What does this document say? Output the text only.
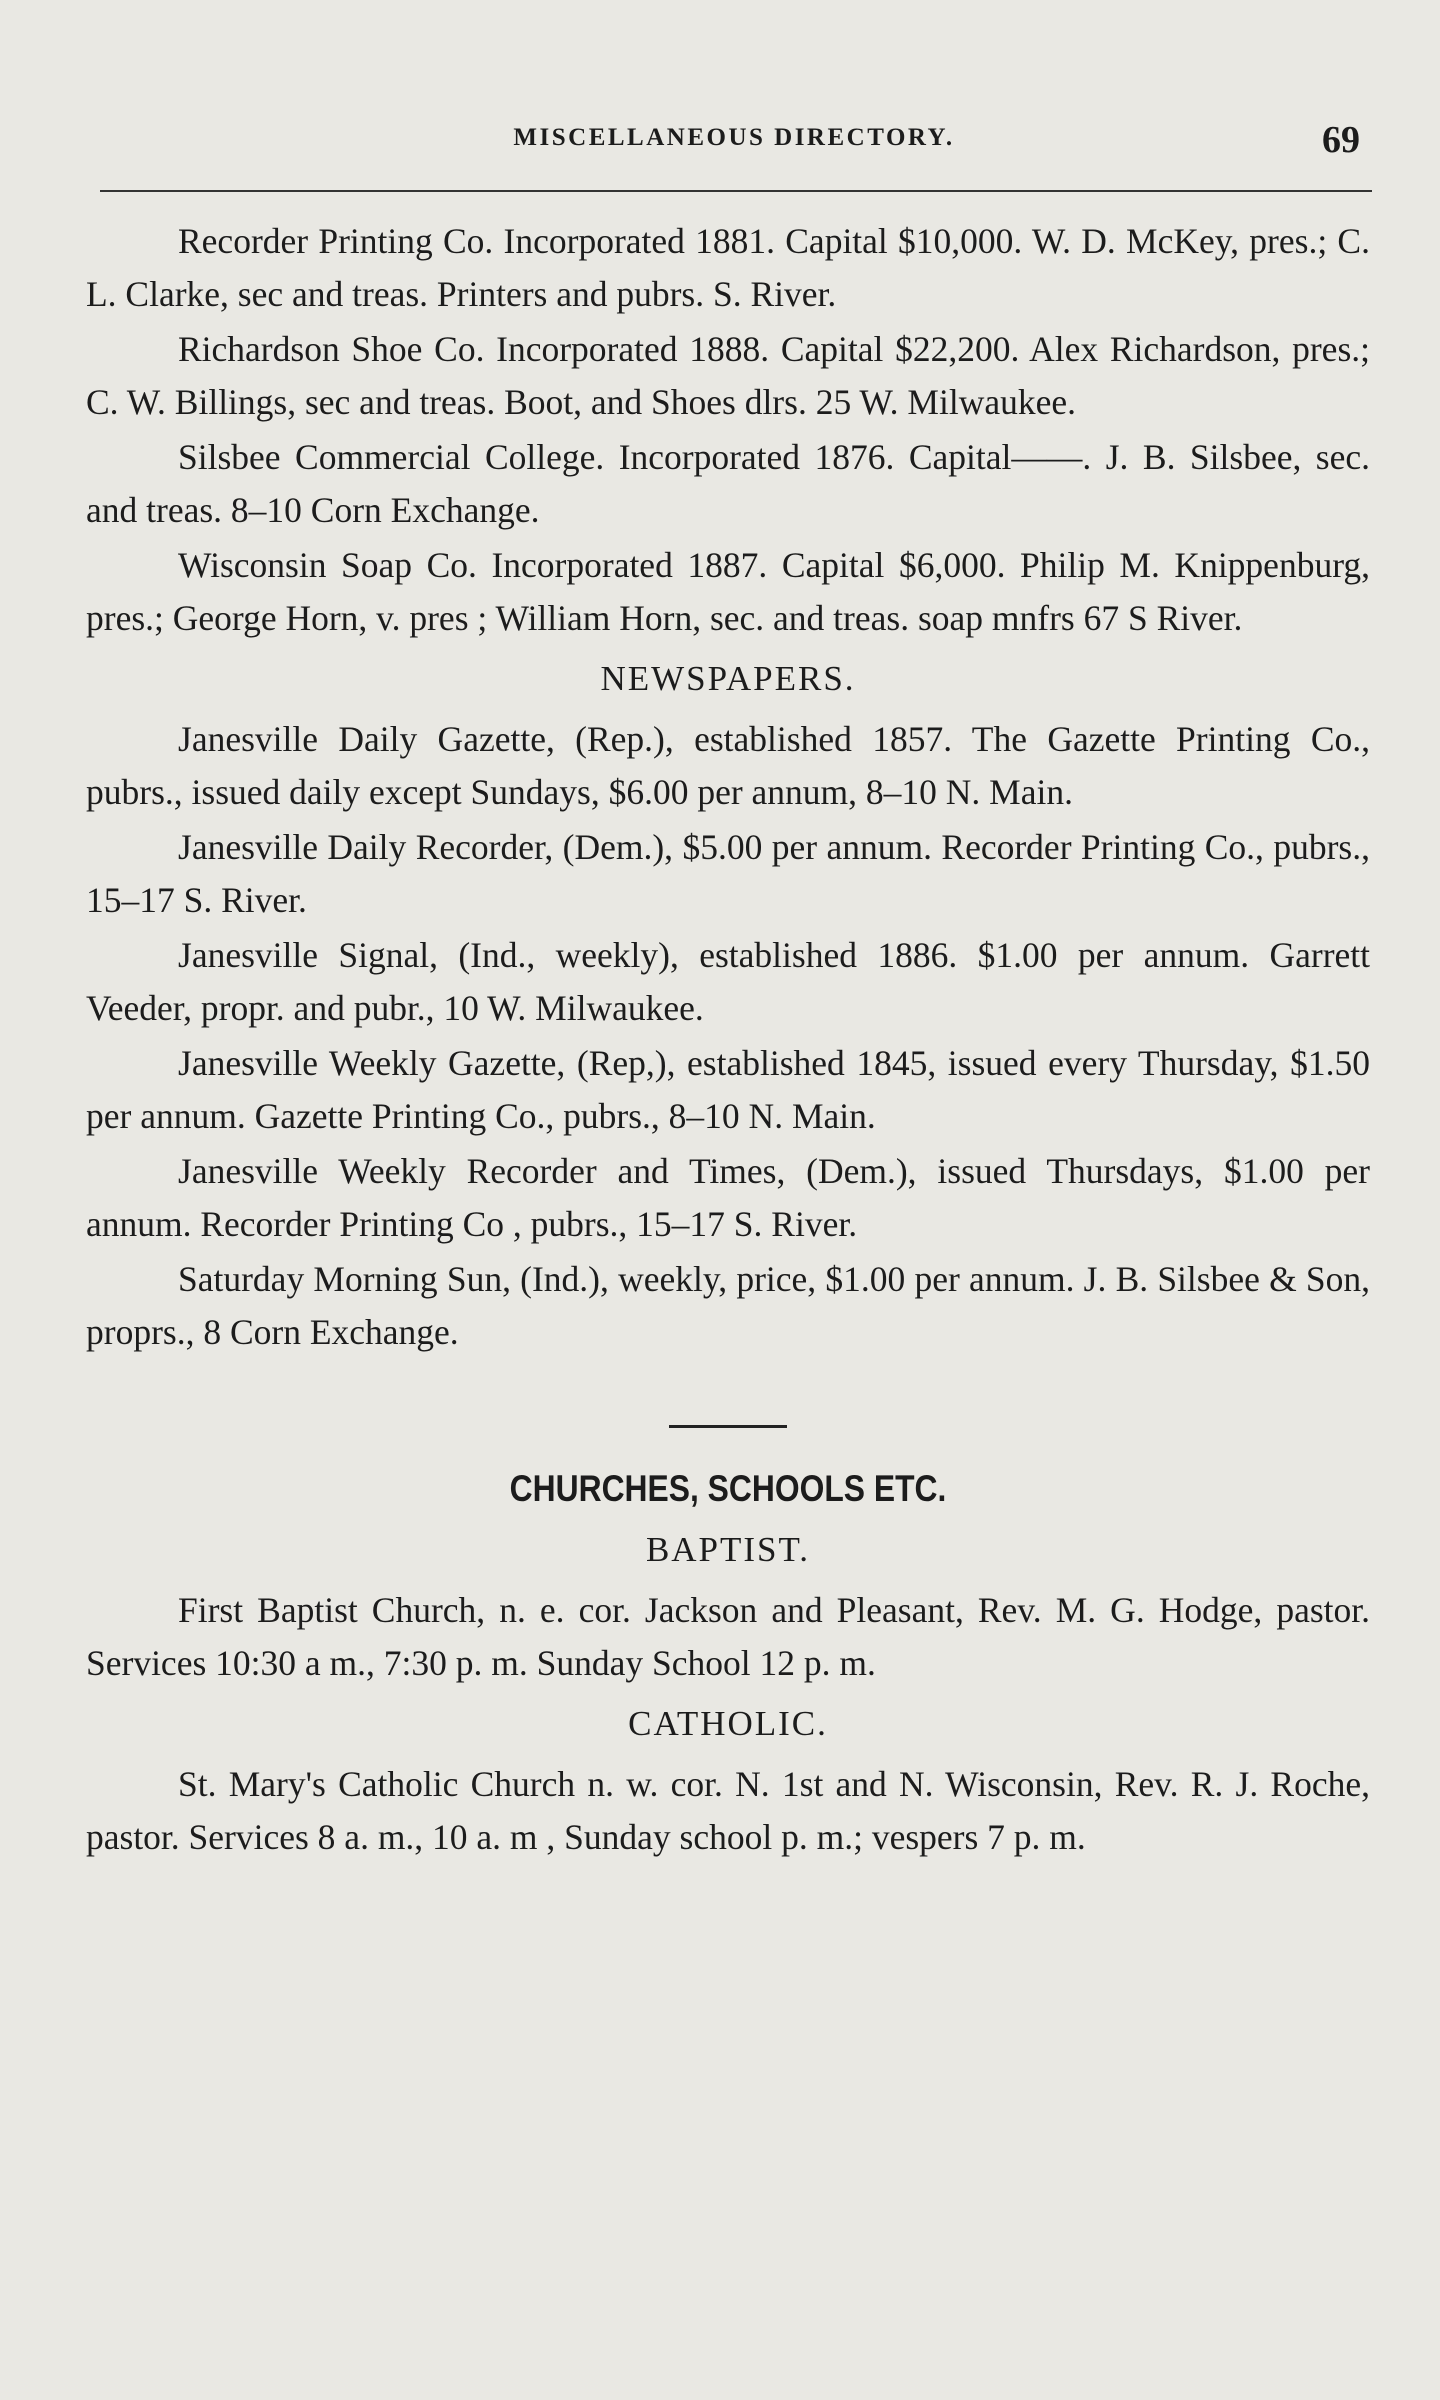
MISCELLANEOUS DIRECTORY.	69

Recorder Printing Co. Incorporated 1881. Capital $10,000. W. D. McKey, pres.; C. L. Clarke, sec and treas. Printers and pubrs. S. River.

Richardson Shoe Co. Incorporated 1888. Capital $22,200. Alex Richardson, pres.; C. W. Billings, sec and treas. Boot, and Shoes dlrs. 25 W. Milwaukee.

Silsbee Commercial College. Incorporated 1876. Capital——. J. B. Silsbee, sec. and treas. 8–10 Corn Exchange.

Wisconsin Soap Co. Incorporated 1887. Capital $6,000. Philip M. Knippenburg, pres.; George Horn, v. pres ; William Horn, sec. and treas. soap mnfrs 67 S River.

NEWSPAPERS.

Janesville Daily Gazette, (Rep.), established 1857. The Gazette Printing Co., pubrs., issued daily except Sundays, $6.00 per annum, 8–10 N. Main.

Janesville Daily Recorder, (Dem.), $5.00 per annum. Recorder Printing Co., pubrs., 15–17 S. River.

Janesville Signal, (Ind., weekly), established 1886. $1.00 per annum. Garrett Veeder, propr. and pubr., 10 W. Milwaukee.

Janesville Weekly Gazette, (Rep,), established 1845, issued every Thursday, $1.50 per annum. Gazette Printing Co., pubrs., 8–10 N. Main.

Janesville Weekly Recorder and Times, (Dem.), issued Thursdays, $1.00 per annum. Recorder Printing Co , pubrs., 15–17 S. River.

Saturday Morning Sun, (Ind.), weekly, price, $1.00 per annum. J. B. Silsbee & Son, proprs., 8 Corn Exchange.

CHURCHES, SCHOOLS ETC.
BAPTIST.

First Baptist Church, n. e. cor. Jackson and Pleasant, Rev. M. G. Hodge, pastor. Services 10:30 a m., 7:30 p. m. Sunday School 12 p. m.

CATHOLIC.

St. Mary's Catholic Church n. w. cor. N. 1st and N. Wisconsin, Rev. R. J. Roche, pastor. Services 8 a. m., 10 a. m , Sunday school p. m.; vespers 7 p. m.
